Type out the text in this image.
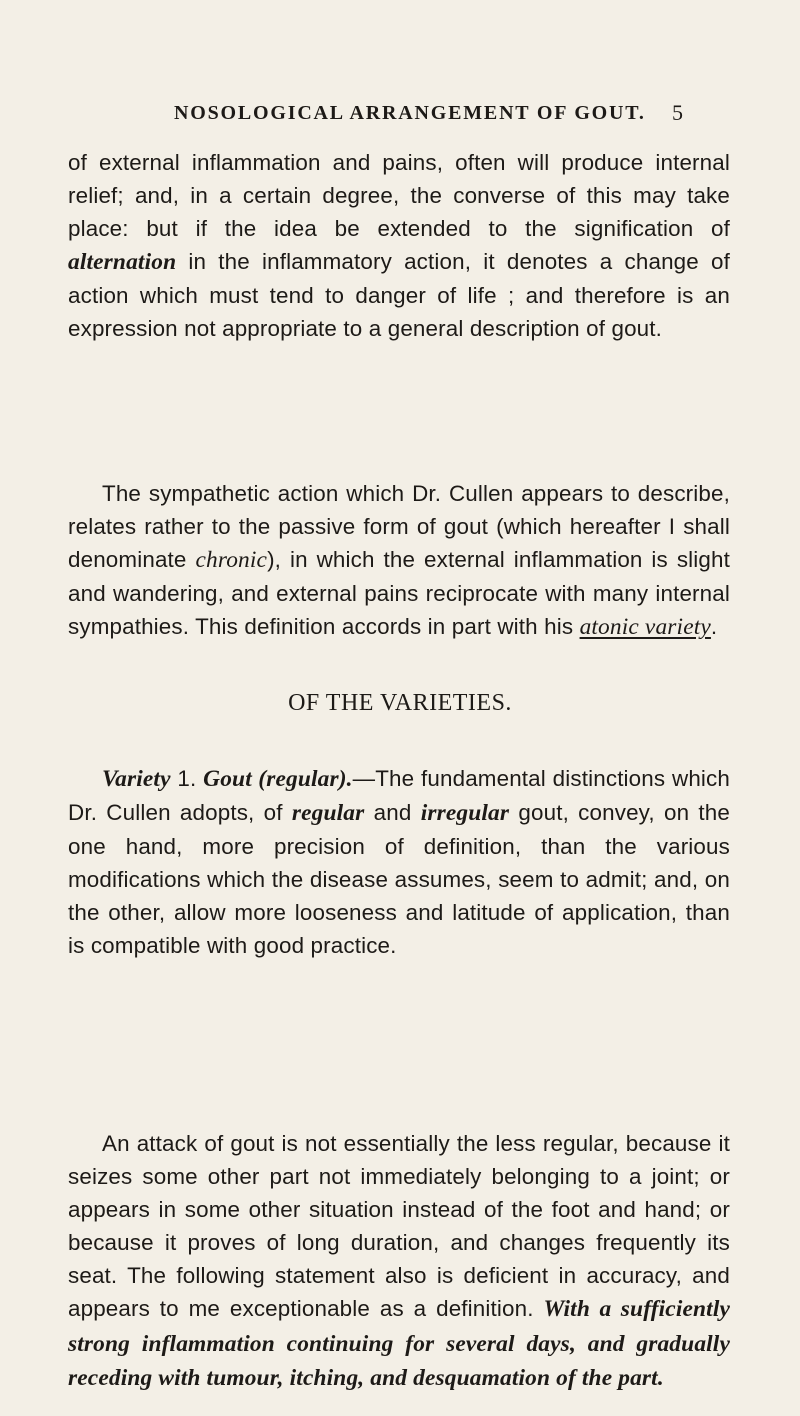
NOSOLOGICAL ARRANGEMENT OF GOUT. 5

of external inflammation and pains, often will produce internal relief; and, in a certain degree, the converse of this may take place: but if the idea be extended to the signification of alternation in the inflammatory action, it denotes a change of action which must tend to danger of life ; and therefore is an expression not appropriate to a general description of gout.

The sympathetic action which Dr. Cullen appears to describe, relates rather to the passive form of gout (which hereafter I shall denominate chronic), in which the external inflammation is slight and wandering, and external pains reciprocate with many internal sympathies. This definition accords in part with his atonic variety.

OF THE VARIETIES.

Variety 1. Gout (regular).—The fundamental distinctions which Dr. Cullen adopts, of regular and irregular gout, convey, on the one hand, more precision of definition, than the various modifications which the disease assumes, seem to admit; and, on the other, allow more looseness and latitude of application, than is compatible with good practice.

An attack of gout is not essentially the less regular, because it seizes some other part not immediately belonging to a joint; or appears in some other situation instead of the foot and hand; or because it proves of long duration, and changes frequently its seat. The following statement also is deficient in accuracy, and appears to me exceptionable as a definition. With a sufficiently strong inflammation continuing for several days, and gradually receding with tumour, itching, and desquamation of the part.
